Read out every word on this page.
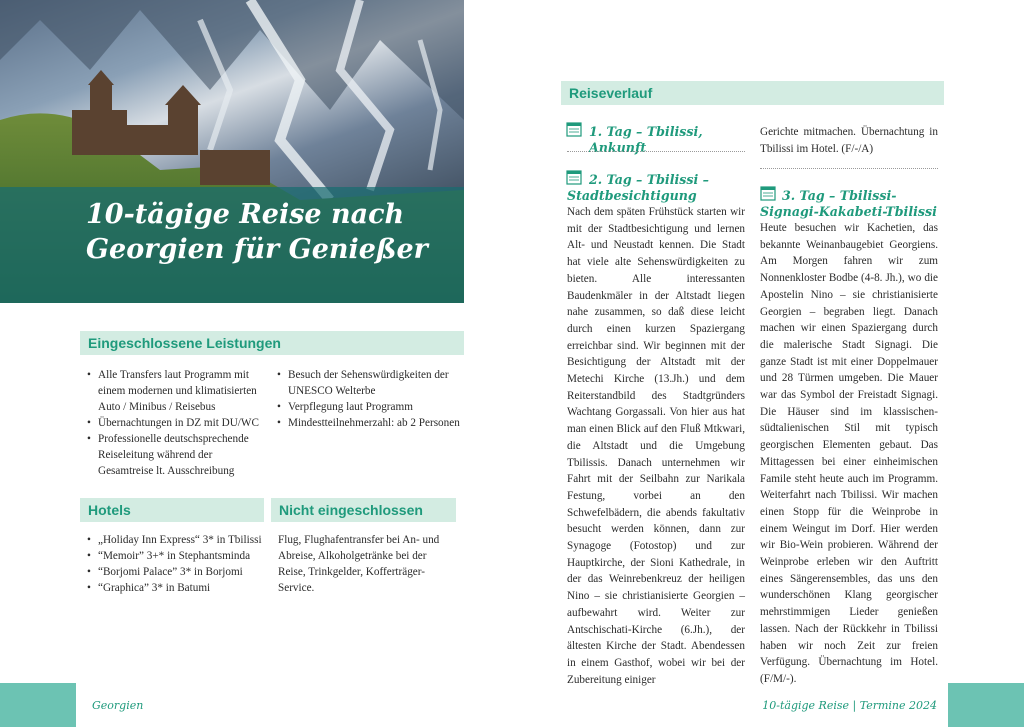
10-tägige Reise nach Georgien für Genießer
Eingeschlossene Leistungen
• Alle Transfers laut Programm mit einem modernen und klimatisierten Auto / Minibus / Reisebus
• Übernachtungen in DZ mit DU/WC
• Professionelle deutschsprechende Reiseleitung während der Gesamtreise lt. Ausschreibung
• Besuch der Sehenswürdigkeiten der UNESCO Welterbe
• Verpflegung laut Programm
• Mindestteilnehmerzahl: ab 2 Personen
Hotels
• „Holiday Inn Express“ 3* in Tbilissi
• “Memoir” 3+* in Stephantsminda
• “Borjomi Palace” 3* in Borjomi
• “Graphica” 3* in Batumi
Nicht eingeschlossen

Flug, Flughafentransfer bei An- und Abreise, Alkoholgetränke bei der Reise, Trinkgelder, Kofferträger-Service.

Reiseverlauf

1. Tag – Tbilissi, Ankunft

2. Tag – Tbilissi – Stadtbesichtigung

Nach dem späten Frühstück starten wir mit der Stadtbesichtigung und lernen Alt- und Neustadt kennen. Die Stadt hat viele alte Sehenswürdigkeiten zu bieten. Alle interessanten Baudenkmäler in der Altstadt liegen nahe zusammen, so daß diese leicht durch einen kurzen Spaziergang erreichbar sind. Wir beginnen mit der Besichtigung der Altstadt mit der Metechi Kirche (13.Jh.) und dem Reiterstandbild des Stadtgründers Wachtang Gorgassali. Von hier aus hat man einen Blick auf den Fluß Mtkwari, die Altstadt und die Umgebung Tbilissis. Danach unternehmen wir Fahrt mit der Seilbahn zur Narikala Festung, vorbei an den Schwefelbädern, die abends fakultativ besucht werden können, dann zur Synagoge (Fotostop) und zur Hauptkirche, der Sioni Kathedrale, in der das Weinrebenkreuz der heiligen Nino – sie christianisierte Georgien – aufbewahrt wird. Weiter zur Antschischati-Kirche (6.Jh.), der ältesten Kirche der Stadt. Abendessen in einem Gasthof, wobei wir bei der Zubereitung einiger

Gerichte mitmachen. Übernachtung in Tbilissi im Hotel. (F/-/A)

3. Tag – Tbilissi-Signagi-Kakabeti-Tbilissi

Heute besuchen wir Kachetien, das bekannte Weinanbaugebiet Georgiens. Am Morgen fahren wir zum Nonnenkloster Bodbe (4-8. Jh.), wo die Apostelin Nino – sie christianisierte Georgien – begraben liegt. Danach machen wir einen Spaziergang durch die malerische Stadt Signagi. Die ganze Stadt ist mit einer Doppelmauer und 28 Türmen umgeben. Die Mauer war das Symbol der Freistadt Signagi. Die Häuser sind im klassischen-südtalienischen Stil mit typisch georgischen Elementen gebaut. Das Mittagessen bei einer einheimischen Famile steht heute auch im Programm. Weiterfahrt nach Tbilissi. Wir machen einen Stopp für die Weinprobe in einem Weingut im Dorf. Hier werden wir Bio-Wein probieren. Während der Weinprobe erleben wir den Auftritt eines Sängerensembles, das uns den wunderschönen Klang georgischer mehrstimmigen Lieder genießen lassen. Nach der Rückkehr in Tbilissi haben wir noch Zeit zur freien Verfügung. Übernachtung im Hotel. (F/M/-).

Georgien	10-tägige Reise | Termine 2024
